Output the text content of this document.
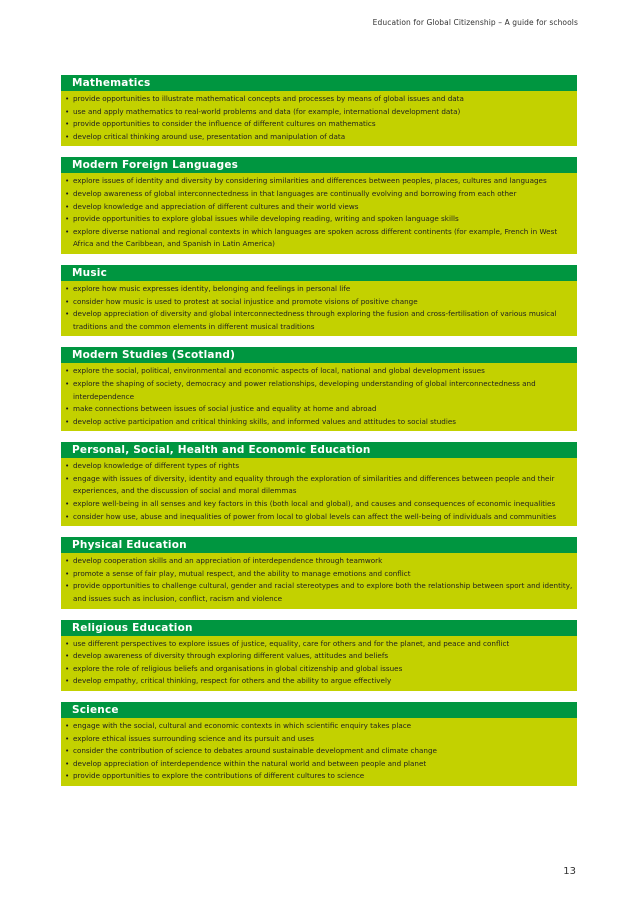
Education for Global Citizenship – A guide for schools
Mathematics
• provide opportunities to illustrate mathematical concepts and processes by means of global issues and data
• use and apply mathematics to real-world problems and data (for example, international development data)
• provide opportunities to consider the influence of different cultures on mathematics
• develop critical thinking around use, presentation and manipulation of data
Modern Foreign Languages
• explore issues of identity and diversity by considering similarities and differences between peoples, places, cultures and languages
• develop awareness of global interconnectedness in that languages are continually evolving and borrowing from each other
• develop knowledge and appreciation of different cultures and their world views
• provide opportunities to explore global issues while developing reading, writing and spoken language skills
• explore diverse national and regional contexts in which languages are spoken across different continents (for example, French in West Africa and the Caribbean, and Spanish in Latin America)
Music
• explore how music expresses identity, belonging and feelings in personal life
• consider how music is used to protest at social injustice and promote visions of positive change
• develop appreciation of diversity and global interconnectedness through exploring the fusion and cross-fertilisation of various musical traditions and the common elements in different musical traditions
Modern Studies (Scotland)
• explore the social, political, environmental and economic aspects of local, national and global development issues
• explore the shaping of society, democracy and power relationships, developing understanding of global interconnectedness and interdependence
• make connections between issues of social justice and equality at home and abroad
• develop active participation and critical thinking skills, and informed values and attitudes to social studies
Personal, Social, Health and Economic Education
• develop knowledge of different types of rights
• engage with issues of diversity, identity and equality through the exploration of similarities and differences between people and their experiences, and the discussion of social and moral dilemmas
• explore well-being in all senses and key factors in this (both local and global), and causes and consequences of economic inequalities
• consider how use, abuse and inequalities of power from local to global levels can affect the well-being of individuals and communities
Physical Education
• develop cooperation skills and an appreciation of interdependence through teamwork
• promote a sense of fair play, mutual respect, and the ability to manage emotions and conflict
• provide opportunities to challenge cultural, gender and racial stereotypes and to explore both the relationship between sport and identity, and issues such as inclusion, conflict, racism and violence
Religious Education
• use different perspectives to explore issues of justice, equality, care for others and for the planet, and peace and conflict
• develop awareness of diversity through exploring different values, attitudes and beliefs
• explore the role of religious beliefs and organisations in global citizenship and global issues
• develop empathy, critical thinking, respect for others and the ability to argue effectively
Science
• engage with the social, cultural and economic contexts in which scientific enquiry takes place
• explore ethical issues surrounding science and its pursuit and uses
• consider the contribution of science to debates around sustainable development and climate change
• develop appreciation of interdependence within the natural world and between people and planet
• provide opportunities to explore the contributions of different cultures to science
13
